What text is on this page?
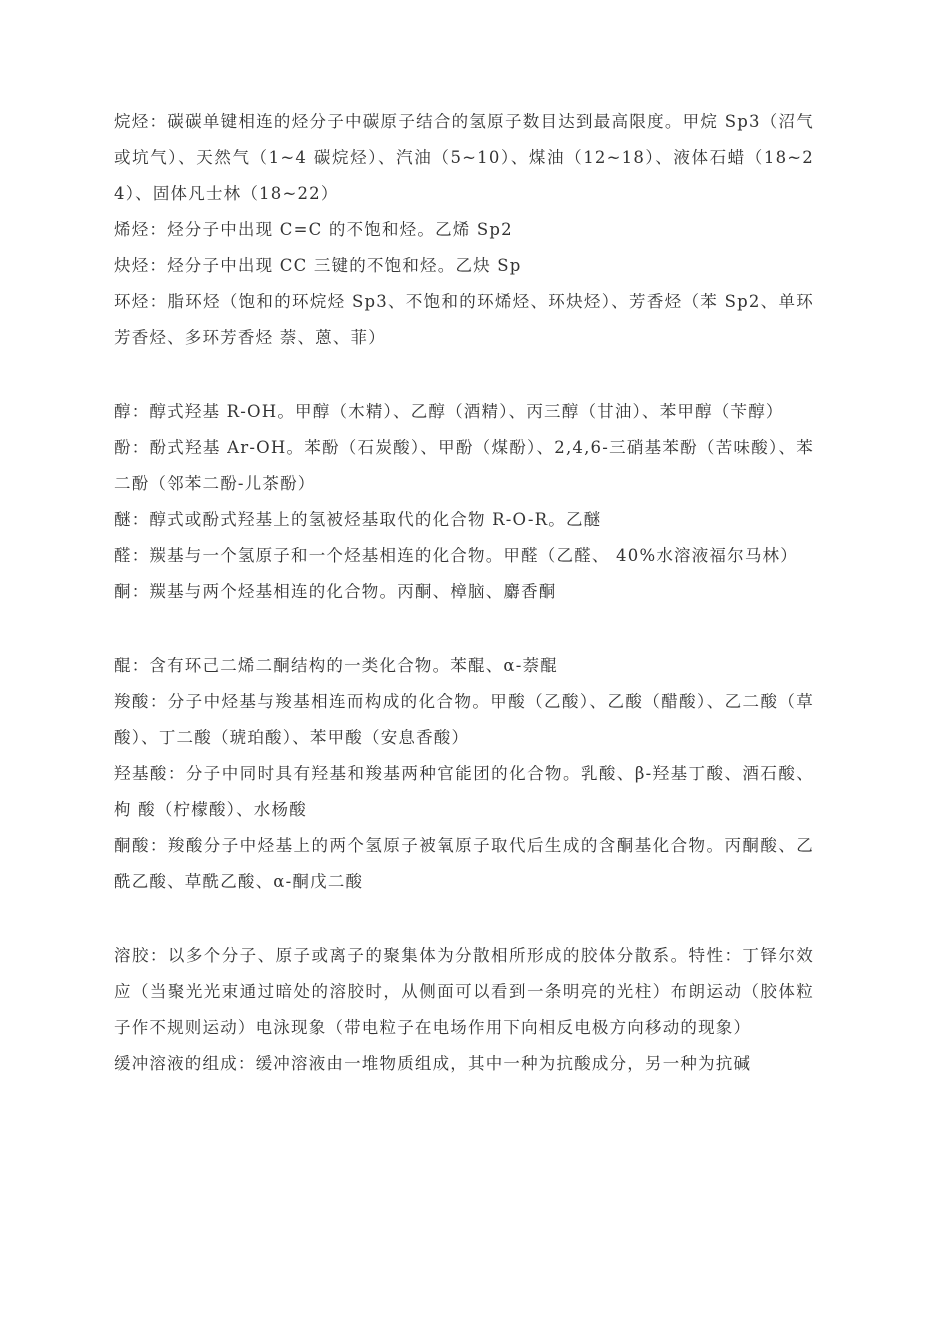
烷烃：碳碳单键相连的烃分子中碳原子结合的氢原子数目达到最高限度。甲烷 Sp3（沼气或坑气）、天然气（1~4 碳烷烃）、汽油（5~10）、煤油（12~18）、液体石蜡（18~24）、固体凡士林（18~22）

烯烃：烃分子中出现 C=C 的不饱和烃。乙烯 Sp2

炔烃：烃分子中出现 CC 三键的不饱和烃。乙炔 Sp

环烃：脂环烃（饱和的环烷烃 Sp3、不饱和的环烯烃、环炔烃）、芳香烃（苯 Sp2、单环芳香烃、多环芳香烃 萘、蒽、菲）

醇：醇式羟基 R-OH。甲醇（木精）、乙醇（酒精）、丙三醇（甘油）、苯甲醇（苄醇）

酚：酚式羟基 Ar-OH。苯酚（石炭酸）、甲酚（煤酚）、2,4,6-三硝基苯酚（苦味酸）、苯二酚（邻苯二酚-儿茶酚）

醚：醇式或酚式羟基上的氢被烃基取代的化合物 R-O-R。乙醚

醛：羰基与一个氢原子和一个烃基相连的化合物。甲醛（乙醛、 40%水溶液福尔马林）

酮：羰基与两个烃基相连的化合物。丙酮、樟脑、麝香酮

醌：含有环己二烯二酮结构的一类化合物。苯醌、α-萘醌

羧酸：分子中烃基与羧基相连而构成的化合物。甲酸（乙酸）、乙酸（醋酸）、乙二酸（草酸）、丁二酸（琥珀酸）、苯甲酸（安息香酸）

羟基酸：分子中同时具有羟基和羧基两种官能团的化合物。乳酸、β-羟基丁酸、酒石酸、枸 酸（柠檬酸）、水杨酸

酮酸：羧酸分子中烃基上的两个氢原子被氧原子取代后生成的含酮基化合物。丙酮酸、乙酰乙酸、草酰乙酸、α-酮戊二酸

溶胶：以多个分子、原子或离子的聚集体为分散相所形成的胶体分散系。特性：丁铎尔效应（当聚光光束通过暗处的溶胶时，从侧面可以看到一条明亮的光柱）布朗运动（胶体粒子作不规则运动）电泳现象（带电粒子在电场作用下向相反电极方向移动的现象）

缓冲溶液的组成：缓冲溶液由一堆物质组成，其中一种为抗酸成分，另一种为抗碱
